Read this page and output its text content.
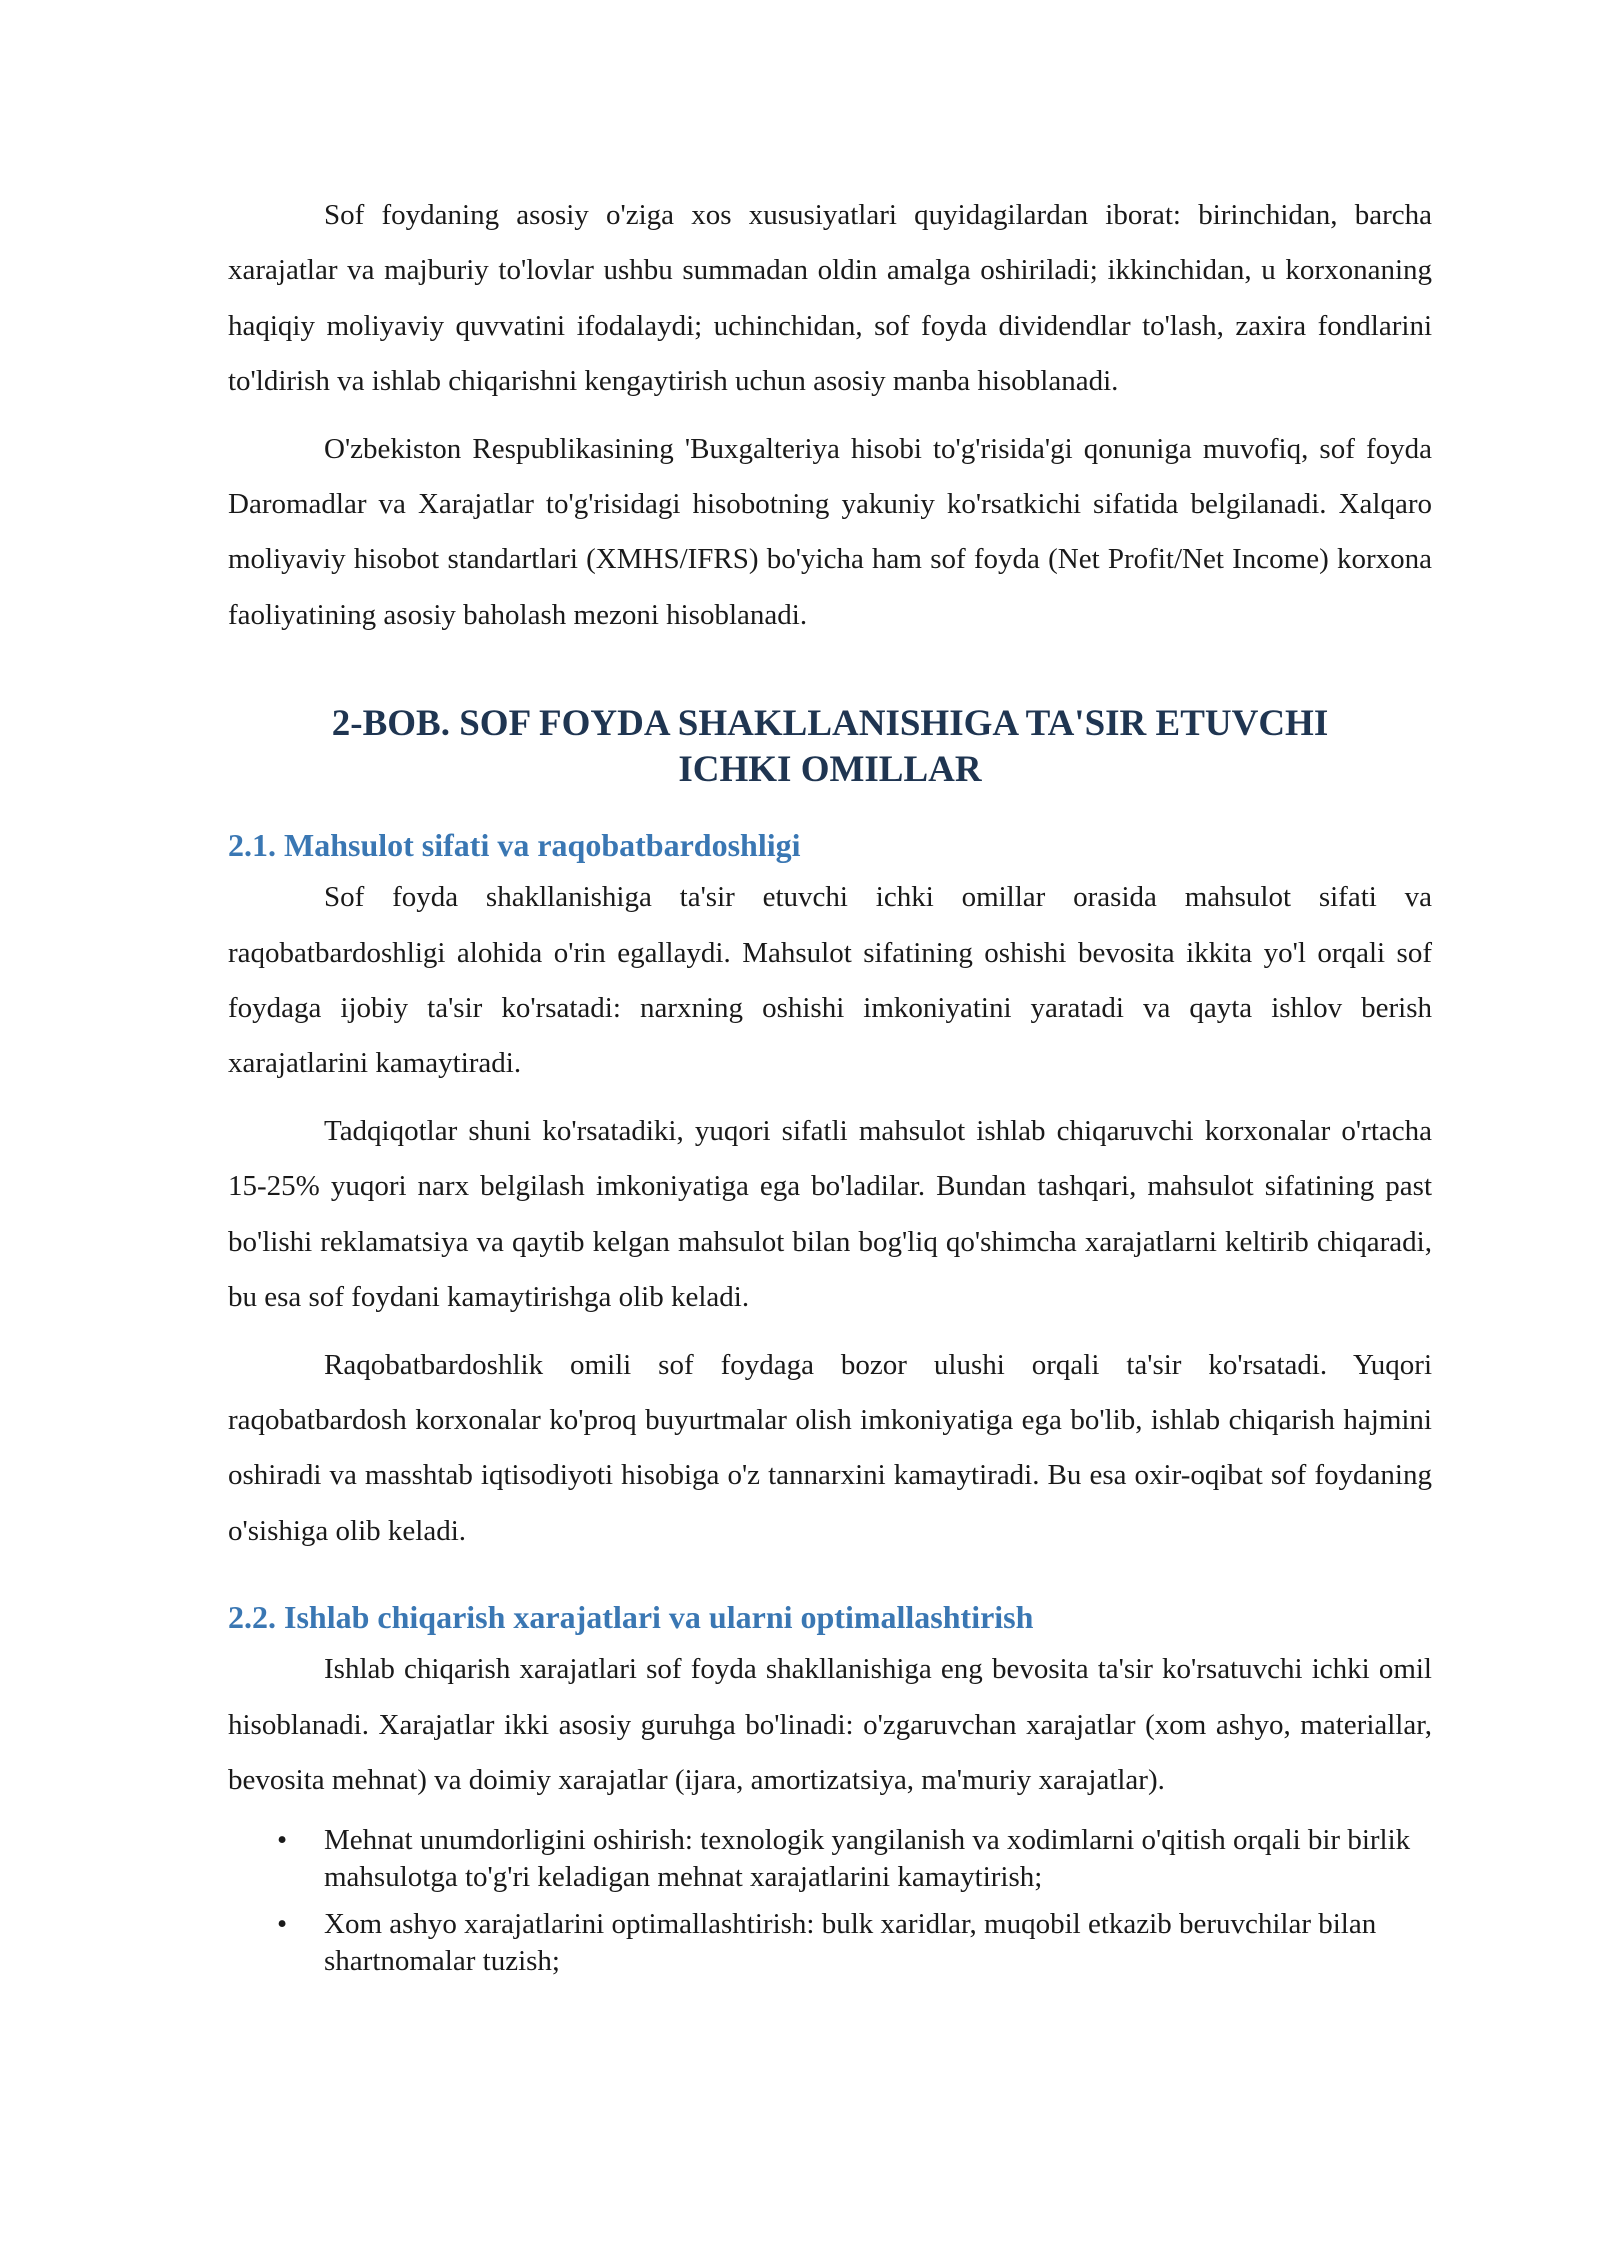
Sof foydaning asosiy o'ziga xos xususiyatlari quyidagilardan iborat: birinchidan, barcha xarajatlar va majburiy to'lovlar ushbu summadan oldin amalga oshiriladi; ikkinchidan, u korxonaning haqiqiy moliyaviy quvvatini ifodalaydi; uchinchidan, sof foyda dividendlar to'lash, zaxira fondlarini to'ldirish va ishlab chiqarishni kengaytirish uchun asosiy manba hisoblanadi.

O'zbekiston Respublikasining 'Buxgalteriya hisobi to'g'risida'gi qonuniga muvofiq, sof foyda Daromadlar va Xarajatlar to'g'risidagi hisobotning yakuniy ko'rsatkichi sifatida belgilanadi. Xalqaro moliyaviy hisobot standartlari (XMHS/IFRS) bo'yicha ham sof foyda (Net Profit/Net Income) korxona faoliyatining asosiy baholash mezoni hisoblanadi.

2-BOB. SOF FOYDA SHAKLLANISHIGA TA'SIR ETUVCHI ICHKI OMILLAR
2.1. Mahsulot sifati va raqobatbardoshligi

Sof foyda shakllanishiga ta'sir etuvchi ichki omillar orasida mahsulot sifati va raqobatbardoshligi alohida o'rin egallaydi. Mahsulot sifatining oshishi bevosita ikkita yo'l orqali sof foydaga ijobiy ta'sir ko'rsatadi: narxning oshishi imkoniyatini yaratadi va qayta ishlov berish xarajatlarini kamaytiradi.

Tadqiqotlar shuni ko'rsatadiki, yuqori sifatli mahsulot ishlab chiqaruvchi korxonalar o'rtacha 15-25% yuqori narx belgilash imkoniyatiga ega bo'ladilar. Bundan tashqari, mahsulot sifatining past bo'lishi reklamatsiya va qaytib kelgan mahsulot bilan bog'liq qo'shimcha xarajatlarni keltirib chiqaradi, bu esa sof foydani kamaytirishga olib keladi.

Raqobatbardoshlik omili sof foydaga bozor ulushi orqali ta'sir ko'rsatadi. Yuqori raqobatbardosh korxonalar ko'proq buyurtmalar olish imkoniyatiga ega bo'lib, ishlab chiqarish hajmini oshiradi va masshtab iqtisodiyoti hisobiga o'z tannarxini kamaytiradi. Bu esa oxir-oqibat sof foydaning o'sishiga olib keladi.

2.2. Ishlab chiqarish xarajatlari va ularni optimallashtirish

Ishlab chiqarish xarajatlari sof foyda shakllanishiga eng bevosita ta'sir ko'rsatuvchi ichki omil hisoblanadi. Xarajatlar ikki asosiy guruhga bo'linadi: o'zgaruvchan xarajatlar (xom ashyo, materiallar, bevosita mehnat) va doimiy xarajatlar (ijara, amortizatsiya, ma'muriy xarajatlar).

• Mehnat unumdorligini oshirish: texnologik yangilanish va xodimlarni o'qitish orqali bir birlik mahsulotga to'g'ri keladigan mehnat xarajatlarini kamaytirish;
• Xom ashyo xarajatlarini optimallashtirish: bulk xaridlar, muqobil etkazib beruvchilar bilan shartnomalar tuzish;
